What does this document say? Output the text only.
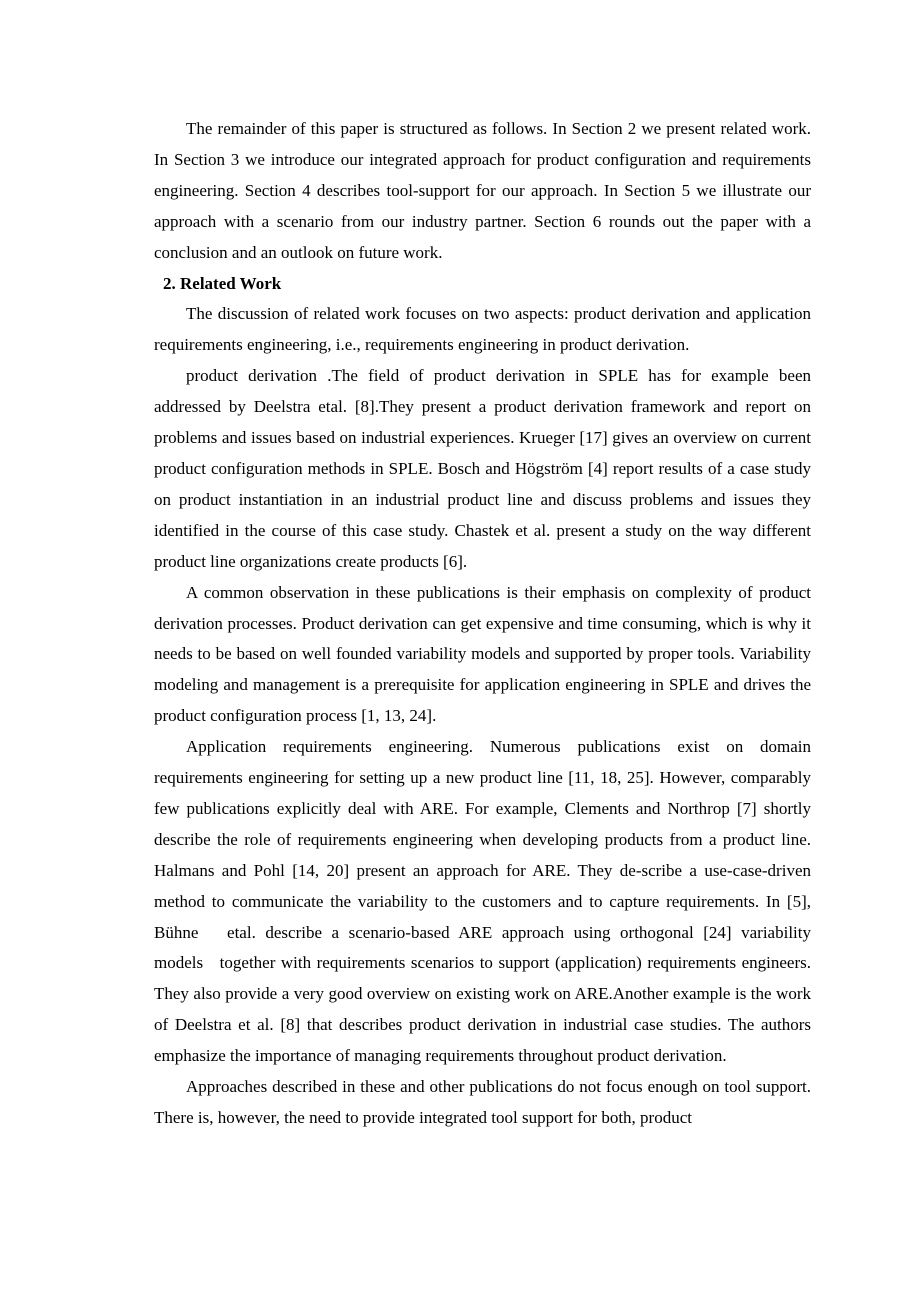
The remainder of this paper is structured as follows. In Section 2 we present related work. In Section 3 we introduce our integrated approach for product configuration and requirements engineering. Section 4 describes tool-support for our approach. In Section 5 we illustrate our approach with a scenario from our industry partner. Section 6 rounds out the paper with a conclusion and an outlook on future work.

2. Related Work

The discussion of related work focuses on two aspects: product derivation and application requirements engineering, i.e., requirements engineering in product derivation.

product derivation .The field of product derivation in SPLE has for example been addressed by Deelstra etal. [8].They present a product derivation framework and report on problems and issues based on industrial experiences. Krueger [17] gives an overview on current product configuration methods in SPLE. Bosch and Högström [4] report results of a case study on product instantiation in an industrial product line and discuss problems and issues they identified in the course of this case study. Chastek et al. present a study on the way different product line organizations create products [6].

A common observation in these publications is their emphasis on complexity of product derivation processes. Product derivation can get expensive and time consuming, which is why it needs to be based on well founded variability models and supported by proper tools. Variability modeling and management is a prerequisite for application engineering in SPLE and drives the product configuration process [1, 13, 24].

Application requirements engineering. Numerous publications exist on domain requirements engineering for setting up a new product line [11, 18, 25]. However, comparably few publications explicitly deal with ARE. For example, Clements and Northrop [7] shortly describe the role of requirements engineering when developing products from a product line. Halmans and Pohl [14, 20] present an approach for ARE. They de-scribe a use-case-driven method to communicate the variability to the customers and to capture requirements. In [5], Bühne   etal. describe a scenario-based ARE approach using orthogonal [24] variability models   together with requirements scenarios to support (application) requirements engineers. They also provide a very good overview on existing work on ARE.Another example is the work of Deelstra et al. [8] that describes product derivation in industrial case studies. The authors emphasize the importance of managing requirements throughout product derivation.

Approaches described in these and other publications do not focus enough on tool support. There is, however, the need to provide integrated tool support for both, product
